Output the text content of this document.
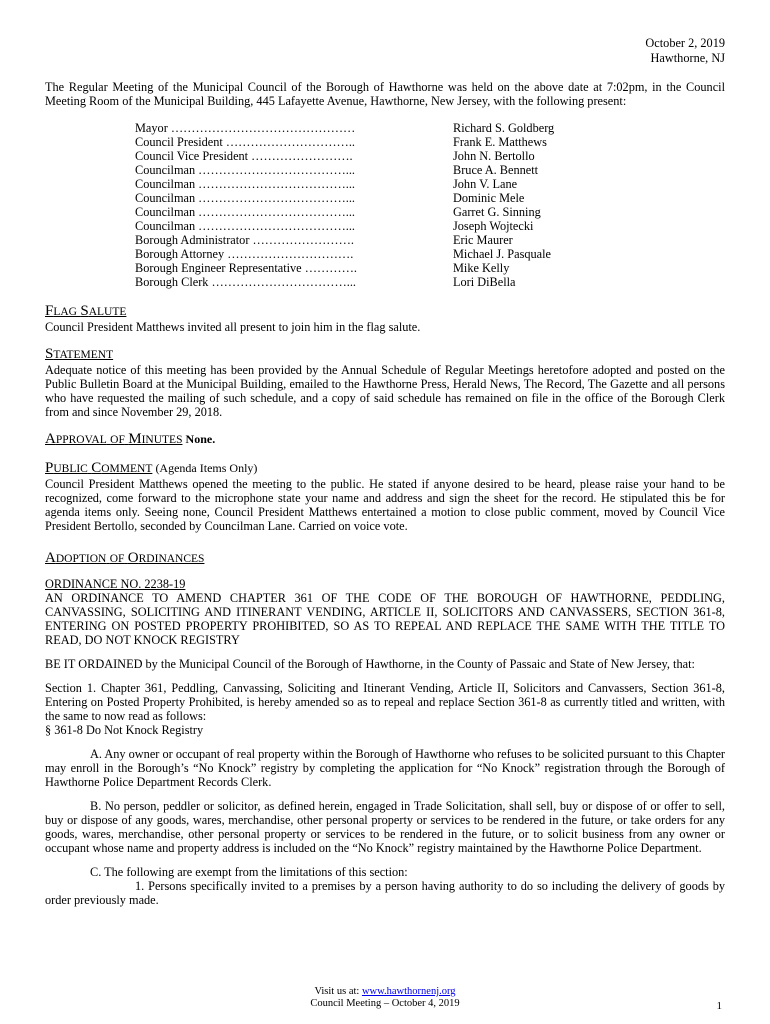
October 2, 2019
Hawthorne, NJ

The Regular Meeting of the Municipal Council of the Borough of Hawthorne was held on the above date at 7:02pm, in the Council Meeting Room of the Municipal Building, 445 Lafayette Avenue, Hawthorne, New Jersey, with the following present:

Mayor ………………………………………	Richard S. Goldberg
Council President …………………………..	Frank E. Matthews
Council Vice President …………………….	John N. Bertollo
Councilman ………………………………...	Bruce A. Bennett
Councilman ………………………………...	John V. Lane
Councilman ………………………………...	Dominic Mele
Councilman ………………………………...	Garret G. Sinning
Councilman ………………………………...	Joseph Wojtecki
Borough Administrator …………………….	Eric Maurer
Borough Attorney ………………………….	Michael J. Pasquale
Borough Engineer Representative ………….	Mike Kelly
Borough Clerk ……………………………...	Lori DiBella
FLAG SALUTE

Council President Matthews invited all present to join him in the flag salute.

STATEMENT

Adequate notice of this meeting has been provided by the Annual Schedule of Regular Meetings heretofore adopted and posted on the Public Bulletin Board at the Municipal Building, emailed to the Hawthorne Press, Herald News, The Record, The Gazette and all persons who have requested the mailing of such schedule, and a copy of said schedule has remained on file in the office of the Borough Clerk from and since November 29, 2018.

APPROVAL OF MINUTES None.
PUBLIC COMMENT (Agenda Items Only)

Council President Matthews opened the meeting to the public. He stated if anyone desired to be heard, please raise your hand to be recognized, come forward to the microphone state your name and address and sign the sheet for the record. He stipulated this be for agenda items only. Seeing none, Council President Matthews entertained a motion to close public comment, moved by Council Vice President Bertollo, seconded by Councilman Lane. Carried on voice vote.

ADOPTION OF ORDINANCES
ORDINANCE NO. 2238-19

AN ORDINANCE TO AMEND CHAPTER 361 OF THE CODE OF THE BOROUGH OF HAWTHORNE, PEDDLING, CANVASSING, SOLICITING AND ITINERANT VENDING, ARTICLE II, SOLICITORS AND CANVASSERS, SECTION 361-8, ENTERING ON POSTED PROPERTY PROHIBITED, SO AS TO REPEAL AND REPLACE THE SAME WITH THE TITLE TO READ, DO NOT KNOCK REGISTRY

BE IT ORDAINED by the Municipal Council of the Borough of Hawthorne, in the County of Passaic and State of New Jersey, that:

Section 1. Chapter 361, Peddling, Canvassing, Soliciting and Itinerant Vending, Article II, Solicitors and Canvassers, Section 361-8, Entering on Posted Property Prohibited, is hereby amended so as to repeal and replace Section 361-8 as currently titled and written, with the same to now read as follows:

§ 361-8 Do Not Knock Registry

A. Any owner or occupant of real property within the Borough of Hawthorne who refuses to be solicited pursuant to this Chapter may enroll in the Borough’s “No Knock” registry by completing the application for “No Knock” registration through the Borough of Hawthorne Police Department Records Clerk.

B. No person, peddler or solicitor, as defined herein, engaged in Trade Solicitation, shall sell, buy or dispose of or offer to sell, buy or dispose of any goods, wares, merchandise, other personal property or services to be rendered in the future, or take orders for any goods, wares, merchandise, other personal property or services to be rendered in the future, or to solicit business from any owner or occupant whose name and property address is included on the “No Knock” registry maintained by the Hawthorne Police Department.

C. The following are exempt from the limitations of this section:

1. Persons specifically invited to a premises by a person having authority to do so including the delivery of goods by order previously made.

Visit us at: www.hawthornenj.org
Council Meeting – October 4, 2019	1
